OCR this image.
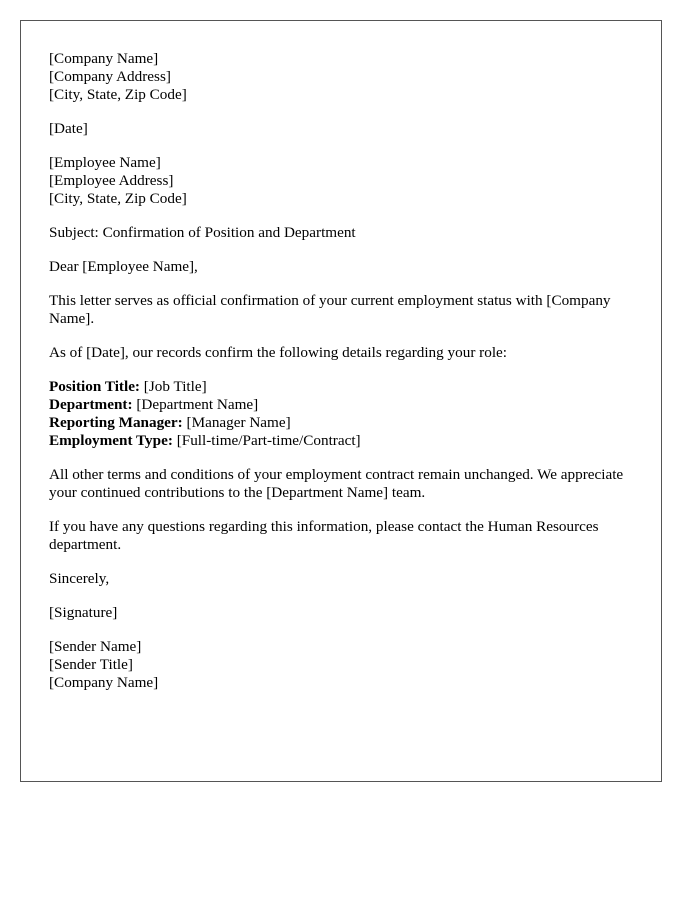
[Company Name]
[Company Address]
[City, State, Zip Code]
[Date]
[Employee Name]
[Employee Address]
[City, State, Zip Code]

Subject: Confirmation of Position and Department

Dear [Employee Name],

This letter serves as official confirmation of your current employment status with [Company Name].

As of [Date], our records confirm the following details regarding your role:

Position Title: [Job Title]
Department: [Department Name]
Reporting Manager: [Manager Name]
Employment Type: [Full-time/Part-time/Contract]

All other terms and conditions of your employment contract remain unchanged. We appreciate your continued contributions to the [Department Name] team.

If you have any questions regarding this information, please contact the Human Resources department.

Sincerely,

[Signature]

[Sender Name]
[Sender Title]
[Company Name]
